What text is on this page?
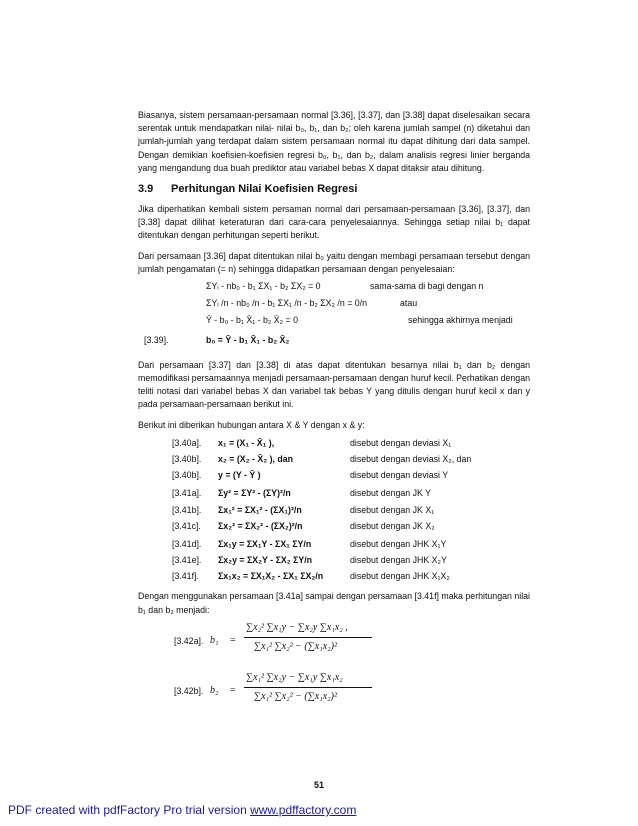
Biasanya, sistem persamaan-persamaan normal [3.36], [3.37], dan [3.38] dapat diselesaikan secara serentak untuk mendapatkan nilai- nilai b₀, b₁, dan b₂; oleh karena jumlah sampel (n) diketahui dan jumlah-jumlah yang terdapat dalam sistem persamaan normal itu dapat dihitung dari data sampel. Dengan demikian koefisien-koefisien regresi b₀, b₁, dan b₂, dalam analisis regresi linier berganda yang mengandung dua buah prediktor atau variabel bebas X dapat ditaksir atau dihitung.

3.9 Perhitungan Nilai Koefisien Regresi

Jika diperhatikan kembali sistem persaman normal dari persamaan-persamaan [3.36], [3.37], dan [3.38] dapat dilihat keteraturan dari cara-cara penyelesaiannya. Sehingga setiap nilai b₁ dapat ditentukan dengan perhitungan seperti berikut.

Dari persamaan [3.36] dapat ditentukan nilai b₀ yaitu dengan membagi persamaan tersebut dengan jumlah pengamatan (= n) sehingga didapatkan persamaan dengan penyelesaian:

ΣYᵢ - nb₀ - b₁ ΣX₁ - b₂ ΣX₂ = 0	sama-sama di bagi dengan n
ΣYᵢ /n - nb₀ /n - b₁ ΣX₁ /n - b₂ ΣX₂ /n = 0/n	atau
Ȳ - b₀ - b₁ X̄₁ - b₂ X̄₂ = 0	sehingga akhirnya menjadi
[3.39].	b₀ = Ȳ - b₁ X̄₁ - b₂ X̄₂

Dari persamaan [3.37] dan [3.38] di atas dapat ditentukan besarnya nilai b₁ dan b₂ dengan memodifikasi persamaannya menjadi persamaan-persamaan dengan huruf kecil. Perhatikan dengan teliti notasi dari variabel bebas X dan variabel tak bebas Y yang ditulis dengan huruf kecil x dan y pada persamaan-persamaan berikut ini.

Berikut ini diberikan hubungan antara X & Y dengan x & y:

[3.40a]. x₁ = (X₁ - X̄₁ ),	disebut dengan deviasi X₁
[3.40b]. x₂ = (X₂ - X̄₂ ), dan	disebut dengan deviasi X₂, dan
[3.40b]. y = (Y - Ȳ )	disebut dengan deviasi Y
[3.41a]. Σy² = ΣY² - (ΣY)²/n	disebut dengan JK Y
[3.41b]. Σx₁² = ΣX₁² - (ΣX₁)²/n	disebut dengan JK X₁
[3.41c]. Σx₂² = ΣX₂² - (ΣX₂)²/n	disebut dengan JK X₂
[3.41d]. Σx₁y = ΣX₁Y - ΣX₁ ΣY/n	disebut dengan JHK X₁Y
[3.41e]. Σx₂y = ΣX₂Y - ΣX₂ ΣY/n	disebut dengan JHK X₂Y
[3.41f]. Σx₁x₂ = ΣX₁X₂ - ΣX₁ ΣX₂/n	disebut dengan JHK X₁X₂

Dengan menggunakan persamaan [3.41a] sampai dengan persamaan [3.41f] maka perhitungan nilai b₁ dan b₂ menjadi:

[3.42a]. b₁ =
∑x₂² ∑x₁y − ∑x₂y ∑x₁x₂ ,
∑x₁² ∑x₂² − (∑x₁x₂)²
[3.42b]. b₂ =
∑x₁² ∑x₂y − ∑x₁y ∑x₁x₂
∑x₁² ∑x₂² − (∑x₁x₂)²
51
PDF created with pdfFactory Pro trial version www.pdffactory.com
